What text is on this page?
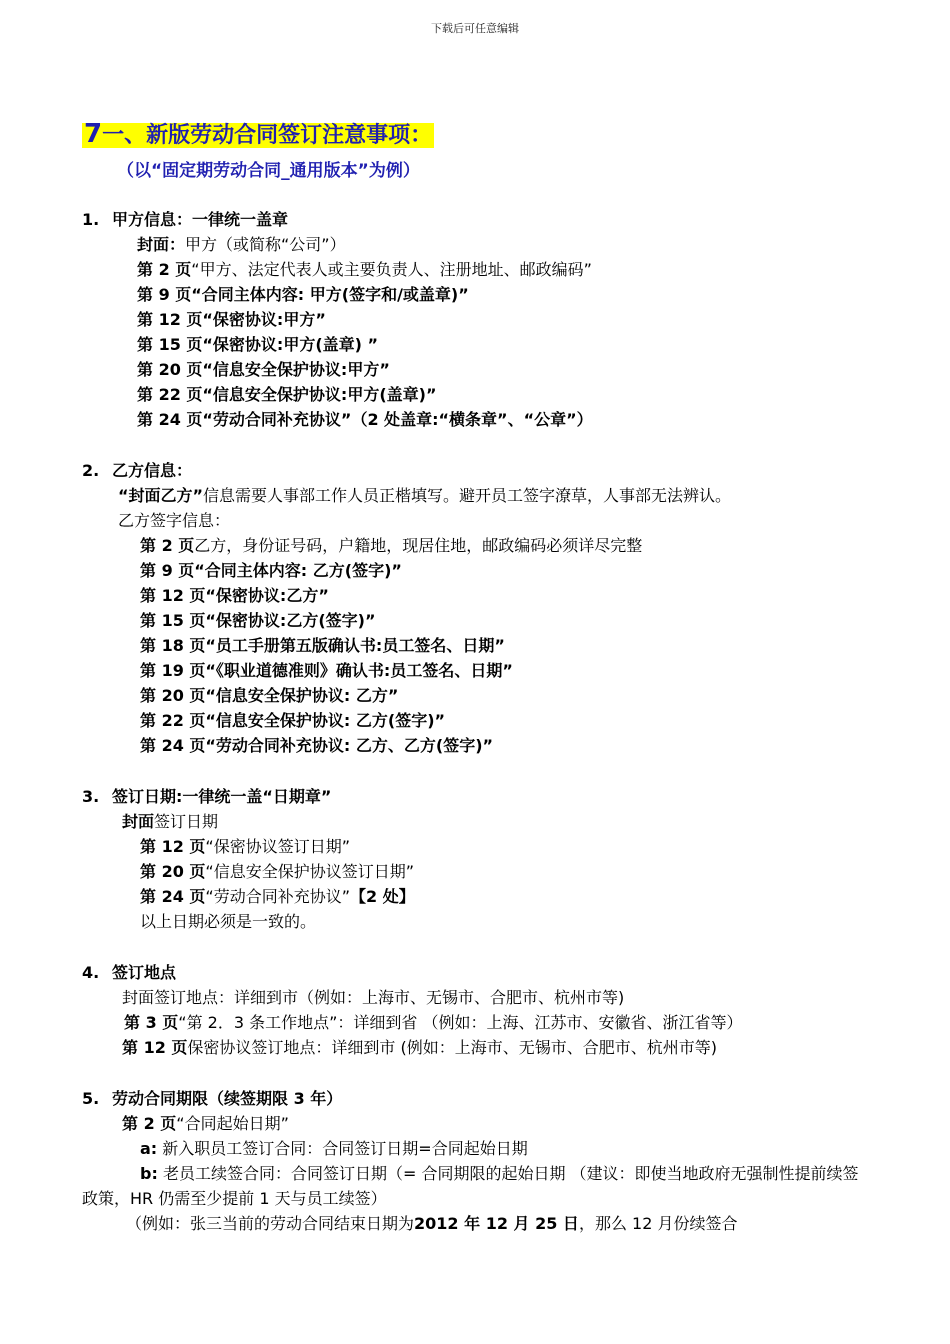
下载后可任意编辑
7一、新版劳动合同签订注意事项：
（以“固定期劳动合同_通用版本”为例）
1. 甲方信息：一律统一盖章
封面：甲方（或简称“公司”）
第 2 页“甲方、法定代表人或主要负责人、注册地址、邮政编码”
第 9 页“合同主体内容: 甲方(签字和/或盖章)”
第 12 页“保密协议:甲方”
第 15 页“保密协议:甲方(盖章) ”
第 20 页“信息安全保护协议:甲方”
第 22 页“信息安全保护协议:甲方(盖章)”
第 24 页“劳动合同补充协议”（2 处盖章:“横条章”、“公章”）
2. 乙方信息：
“封面乙方”信息需要人事部工作人员正楷填写。避开员工签字潦草，人事部无法辨认。
乙方签字信息：
第 2 页乙方，身份证号码，户籍地，现居住地，邮政编码必须详尽完整
第 9 页“合同主体内容: 乙方(签字)”
第 12 页“保密协议:乙方”
第 15 页“保密协议:乙方(签字)”
第 18 页“员工手册第五版确认书:员工签名、日期”
第 19 页“《职业道德准则》确认书:员工签名、日期”
第 20 页“信息安全保护协议: 乙方”
第 22 页“信息安全保护协议: 乙方(签字)”
第 24 页“劳动合同补充协议: 乙方、乙方(签字)”
3. 签订日期:一律统一盖“日期章”
封面签订日期
第 12 页“保密协议签订日期”
第 20 页“信息安全保护协议签订日期”
第 24 页“劳动合同补充协议”【2 处】
以上日期必须是一致的。
4. 签订地点
封面签订地点：详细到市（例如：上海市、无锡市、合肥市、杭州市等)
第 3 页“第 2．3 条工作地点”：详细到省 （例如：上海、江苏市、安徽省、浙江省等）
第 12 页保密协议签订地点：详细到市 (例如：上海市、无锡市、合肥市、杭州市等)
5. 劳动合同期限（续签期限 3 年）
第 2 页“合同起始日期”
a: 新入职员工签订合同：合同签订日期=合同起始日期
b: 老员工续签合同：合同签订日期（= 合同期限的起始日期 （建议：即使当地政府无强制性提前续签政策，HR 仍需至少提前 1 天与员工续签）
（例如：张三当前的劳动合同结束日期为2012 年 12 月 25 日，那么 12 月份续签合
